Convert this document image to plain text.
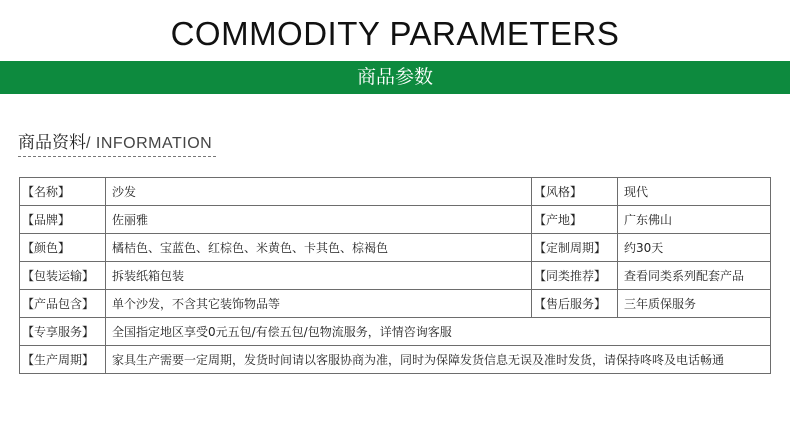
COMMODITY PARAMETERS
商品参数
商品资料/ INFORMATION
【名称】	沙发	【风格】	现代
【品牌】	佐丽雅	【产地】	广东佛山
【颜色】	橘桔色、宝蓝色、红棕色、米黄色、卡其色、棕褐色	【定制周期】	约30天
【包装运输】	拆装纸箱包装	【同类推荐】	查看同类系列配套产品
【产品包含】	单个沙发，不含其它装饰物品等	【售后服务】	三年质保服务
【专享服务】	全国指定地区享受0元五包/有偿五包/包物流服务，详情咨询客服		
【生产周期】	家具生产需要一定周期，发货时间请以客服协商为准，同时为保障发货信息无误及准时发货，请保持咚咚及电话畅通		
